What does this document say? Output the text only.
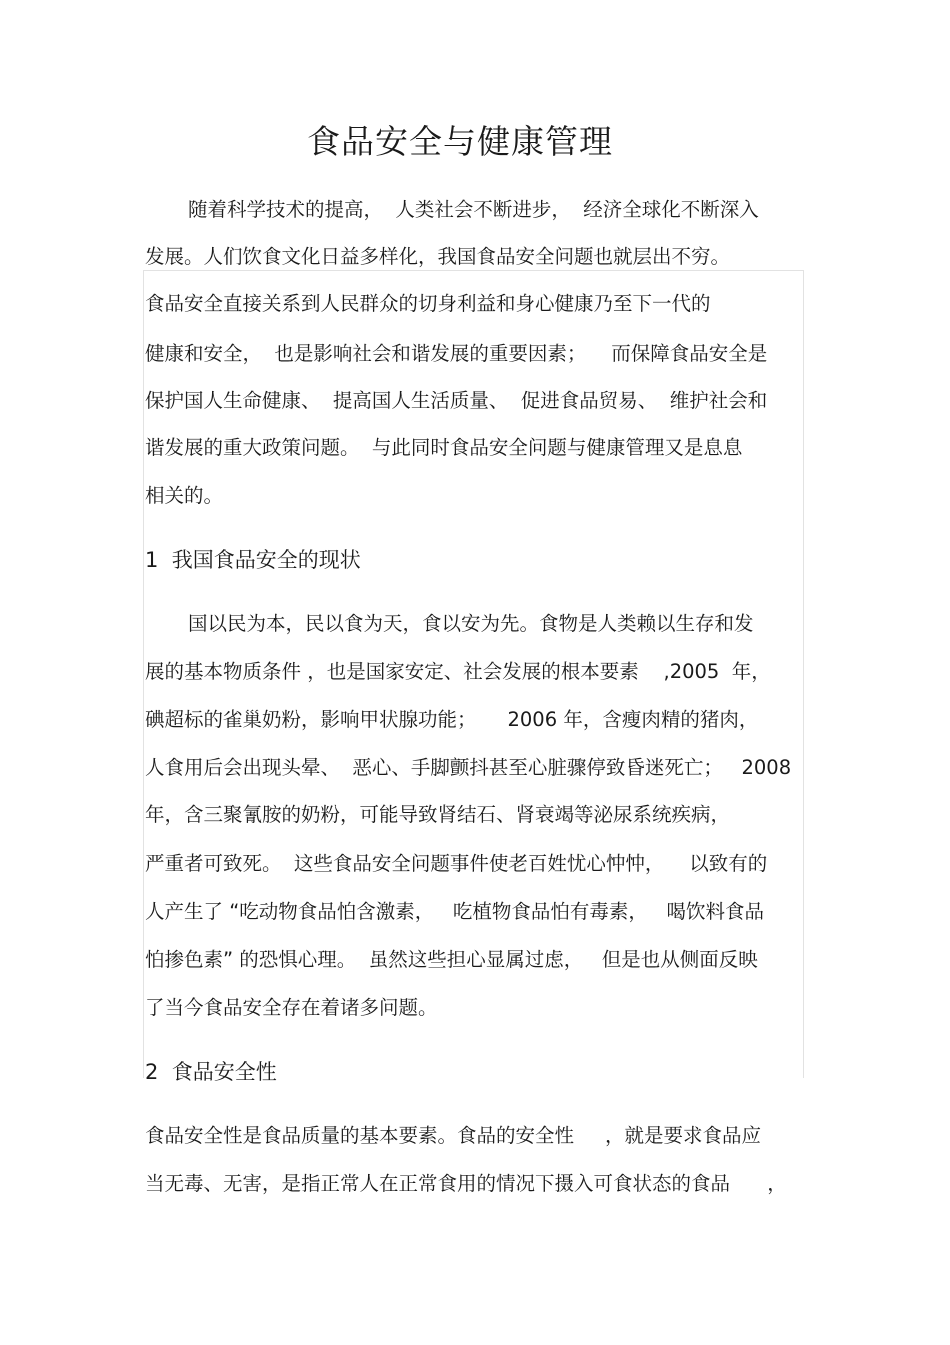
食品安全与健康管理
随着科学技术的提高，  人类社会不断进步，  经济全球化不断深入
发展。人们饮食文化日益多样化，我国食品安全问题也就层出不穷。
食品安全直接关系到人民群众的切身利益和身心健康乃至下一代的
健康和安全，  也是影响社会和谐发展的重要因素；    而保障食品安全是
保护国人生命健康、  提高国人生活质量、  促进食品贸易、  维护社会和
谐发展的重大政策问题。  与此同时食品安全问题与健康管理又是息息
相关的。
1  我国食品安全的现状
国以民为本，民以食为天，食以安为先。食物是人类赖以生存和发
展的基本物质条件 ，也是国家安定、社会发展的根本要素    ,2005  年，
碘超标的雀巢奶粉，影响甲状腺功能；     2006 年，含瘦肉精的猪肉，
人食用后会出现头晕、  恶心、手脚颤抖甚至心脏骤停致昏迷死亡；   2008
年，含三聚氰胺的奶粉，可能导致肾结石、肾衰竭等泌尿系统疾病，
严重者可致死。  这些食品安全问题事件使老百姓忧心忡忡，    以致有的
人产生了 “吃动物食品怕含激素，   吃植物食品怕有毒素，   喝饮料食品
怕掺色素” 的恐惧心理。  虽然这些担心显属过虑，   但是也从侧面反映
了当今食品安全存在着诸多问题。
2  食品安全性
食品安全性是食品质量的基本要素。食品的安全性     ，就是要求食品应
当无毒、无害，是指正常人在正常食用的情况下摄入可食状态的食品      ，
